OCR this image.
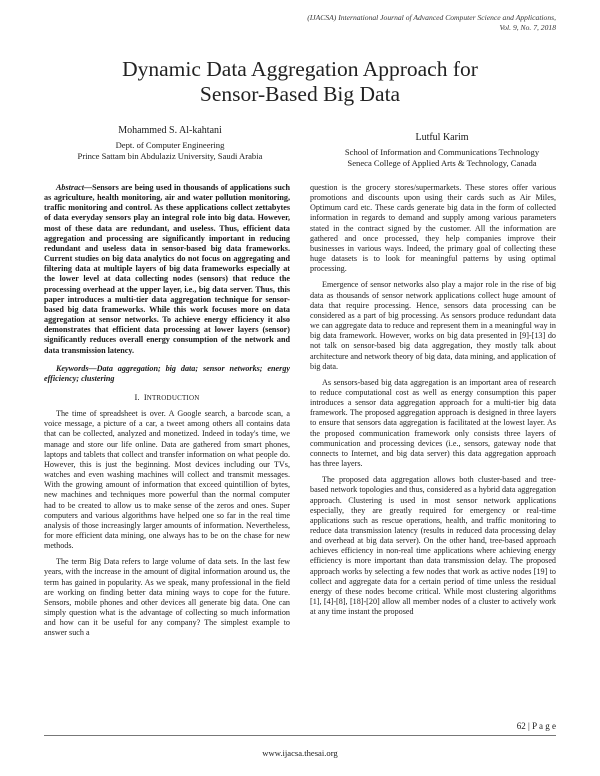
(IJACSA) International Journal of Advanced Computer Science and Applications,
Vol. 9, No. 7, 2018
Dynamic Data Aggregation Approach for
Sensor-Based Big Data
Mohammed S. Al-kahtani
Dept. of Computer Engineering
Prince Sattam bin Abdulaziz University, Saudi Arabia
Lutful Karim
School of Information and Communications Technology
Seneca College of Applied Arts & Technology, Canada

Abstract—Sensors are being used in thousands of applications such as agriculture, health monitoring, air and water pollution monitoring, traffic monitoring and control. As these applications collect zettabytes of data everyday sensors play an integral role into big data. However, most of these data are redundant, and useless. Thus, efficient data aggregation and processing are significantly important in reducing redundant and useless data in sensor-based big data frameworks. Current studies on big data analytics do not focus on aggregating and filtering data at multiple layers of big data frameworks especially at the lower level at data collecting nodes (sensors) that reduce the processing overhead at the upper layer, i.e., big data server. Thus, this paper introduces a multi-tier data aggregation technique for sensor-based big data frameworks. While this work focuses more on data aggregation at sensor networks. To achieve energy efficiency it also demonstrates that efficient data processing at lower layers (sensor) significantly reduces overall energy consumption of the network and data transmission latency.

Keywords—Data aggregation; big data; sensor networks; energy efficiency; clustering

I. INTRODUCTION

The time of spreadsheet is over. A Google search, a barcode scan, a voice message, a picture of a car, a tweet among others all contains data that can be collected, analyzed and monetized. Indeed in today's time, we manage and store our life online. Data are gathered from smart phones, laptops and tablets that collect and transfer information on what people do. However, this is just the beginning. Most devices including our TVs, watches and even washing machines will collect and transmit messages. With the growing amount of information that exceed quintillion of bytes, new machines and techniques more powerful than the normal computer had to be created to allow us to make sense of the zeros and ones. Super computers and various algorithms have helped one so far in the real time analysis of those increasingly larger amounts of information. Nevertheless, for more efficient data mining, one always has to be on the chase for new methods.

The term Big Data refers to large volume of data sets. In the last few years, with the increase in the amount of digital information around us, the term has gained in popularity. As we speak, many professional in the field are working on finding better data mining ways to cope for the future. Sensors, mobile phones and other devices all generate big data. One can simply question what is the advantage of collecting so much information and how can it be useful for any company? The simplest example to answer such a

question is the grocery stores/supermarkets. These stores offer various promotions and discounts upon using their cards such as Air Miles, Optimum card etc. These cards generate big data in the form of collected information in regards to demand and supply among various parameters stated in the contract signed by the customer. All the information are gathered and once processed, they help companies improve their businesses in various ways. Indeed, the primary goal of collecting these huge datasets is to look for meaningful patterns by using optimal processing.

Emergence of sensor networks also play a major role in the rise of big data as thousands of sensor network applications collect huge amount of data that require processing. Hence, sensors data processing can be considered as a part of big processing. As sensors produce redundant data we can aggregate data to reduce and represent them in a meaningful way in big data framework. However, works on big data presented in [9]-[13] do not talk on sensor-based big data aggregation, they mostly talk about architecture and network theory of big data, data mining, and application of big data.

As sensors-based big data aggregation is an important area of research to reduce computational cost as well as energy consumption this paper introduces a sensor data aggregation approach for a multi-tier big data framework. The proposed aggregation approach is designed in three layers to ensure that sensors data aggregation is facilitated at the lowest layer. As the proposed communication framework only consists three layers of communication and processing devices (i.e., sensors, gateway node that connects to Internet, and big data server) this data aggregation approach has three layers.

The proposed data aggregation allows both cluster-based and tree-based network topologies and thus, considered as a hybrid data aggregation approach. Clustering is used in most sensor network applications especially, they are greatly required for emergency or real-time applications such as rescue operations, health, and traffic monitoring to reduce data transmission latency (results in reduced data processing delay and overhead at big data server). On the other hand, tree-based approach achieves efficiency in non-real time applications where achieving energy efficiency is more important than data transmission delay. The proposed approach works by selecting a few nodes that work as active nodes [19] to collect and aggregate data for a certain period of time unless the residual energy of these nodes become critical. While most clustering algorithms [1], [4]-[8], [18]-[20] allow all member nodes of a cluster to actively work at any time instant the proposed

62 | P a g e
www.ijacsa.thesai.org
